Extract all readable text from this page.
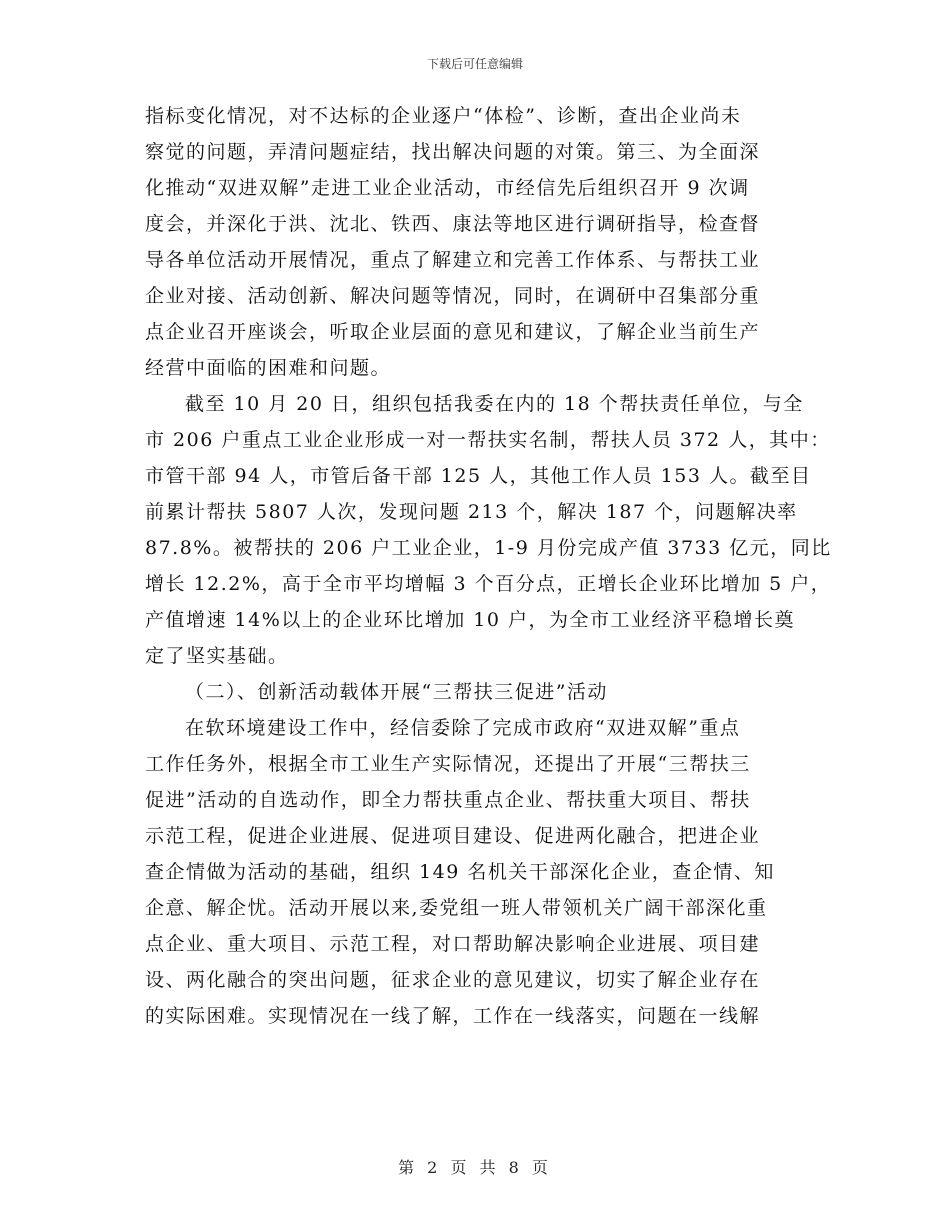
下载后可任意编辑
指标变化情况，对不达标的企业逐户“体检”、诊断，查出企业尚未
察觉的问题，弄清问题症结，找出解决问题的对策。第三、为全面深
化推动“双进双解”走进工业企业活动，市经信先后组织召开 9 次调
度会，并深化于洪、沈北、铁西、康法等地区进行调研指导，检查督
导各单位活动开展情况，重点了解建立和完善工作体系、与帮扶工业
企业对接、活动创新、解决问题等情况，同时，在调研中召集部分重
点企业召开座谈会，听取企业层面的意见和建议，了解企业当前生产
经营中面临的困难和问题。
截至 10 月 20 日，组织包括我委在内的 18 个帮扶责任单位，与全
市 206 户重点工业企业形成一对一帮扶实名制，帮扶人员 372 人，其中：
市管干部 94 人，市管后备干部 125 人，其他工作人员 153 人。截至目
前累计帮扶 5807 人次，发现问题 213 个，解决 187 个，问题解决率
87.8%。被帮扶的 206 户工业企业，1-9 月份完成产值 3733 亿元，同比
增长 12.2%，高于全市平均增幅 3 个百分点，正增长企业环比增加 5 户，
产值增速 14%以上的企业环比增加 10 户，为全市工业经济平稳增长奠
定了坚实基础。
（二）、创新活动载体开展“三帮扶三促进”活动
在软环境建设工作中，经信委除了完成市政府“双进双解”重点
工作任务外，根据全市工业生产实际情况，还提出了开展“三帮扶三
促进”活动的自选动作，即全力帮扶重点企业、帮扶重大项目、帮扶
示范工程，促进企业进展、促进项目建设、促进两化融合，把进企业
查企情做为活动的基础，组织 149 名机关干部深化企业，查企情、知
企意、解企忧。活动开展以来,委党组一班人带领机关广阔干部深化重
点企业、重大项目、示范工程，对口帮助解决影响企业进展、项目建
设、两化融合的突出问题，征求企业的意见建议，切实了解企业存在
的实际困难。实现情况在一线了解，工作在一线落实，问题在一线解
第 2 页 共 8 页
